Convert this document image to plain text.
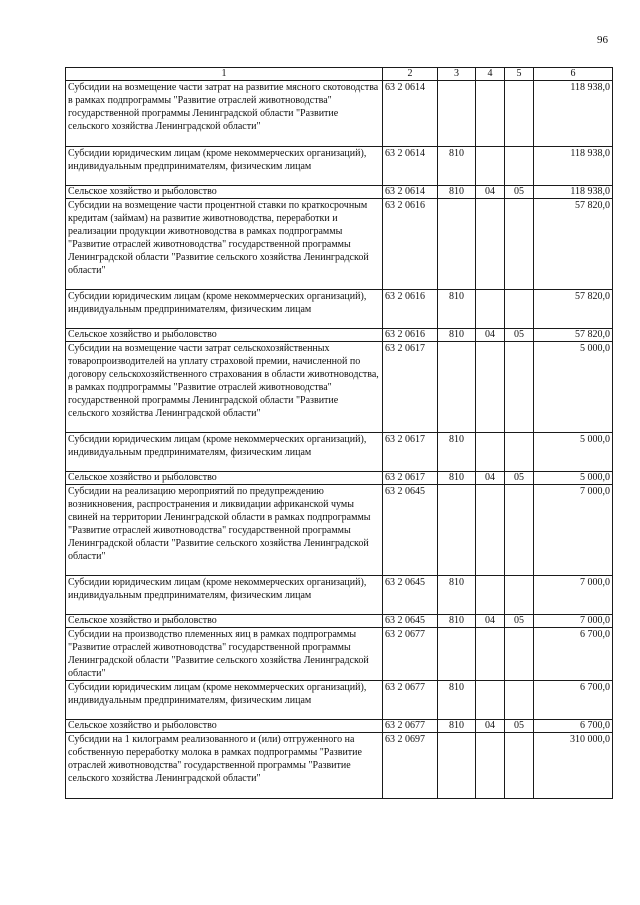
96
1	2	3	4	5	6
Субсидии на возмещение части затрат на развитие мясного скотоводства в рамках подпрограммы "Развитие отраслей животноводства" государственной программы Ленинградской области "Развитие сельского хозяйства Ленинградской области"	63 2 0614				118 938,0
Субсидии юридическим лицам (кроме некоммерческих организаций), индивидуальным предпринимателям, физическим лицам	63 2 0614	810			118 938,0
Сельское хозяйство и рыболовство	63 2 0614	810	04	05	118 938,0
Субсидии на возмещение части процентной ставки по краткосрочным кредитам (займам) на развитие животноводства, переработки и реализации продукции животноводства в рамках подпрограммы "Развитие отраслей животноводства" государственной программы Ленинградской области "Развитие сельского хозяйства Ленинградской области"	63 2 0616				57 820,0
Субсидии юридическим лицам (кроме некоммерческих организаций), индивидуальным предпринимателям, физическим лицам	63 2 0616	810			57 820,0
Сельское хозяйство и рыболовство	63 2 0616	810	04	05	57 820,0
Субсидии на возмещение части затрат сельскохозяйственных товаропроизводителей на уплату страховой премии, начисленной по договору сельскохозяйственного страхования в области животноводства, в рамках подпрограммы "Развитие отраслей животноводства" государственной программы Ленинградской области "Развитие сельского хозяйства Ленинградской области"	63 2 0617				5 000,0
Субсидии юридическим лицам (кроме некоммерческих организаций), индивидуальным предпринимателям, физическим лицам	63 2 0617	810			5 000,0
Сельское хозяйство и рыболовство	63 2 0617	810	04	05	5 000,0
Субсидии на реализацию мероприятий по предупреждению возникновения, распространения и ликвидации африканской чумы свиней на территории Ленинградской области в рамках подпрограммы "Развитие отраслей животноводства" государственной программы Ленинградской области "Развитие сельского хозяйства Ленинградской области"	63 2 0645				7 000,0
Субсидии юридическим лицам (кроме некоммерческих организаций), индивидуальным предпринимателям, физическим лицам	63 2 0645	810			7 000,0
Сельское хозяйство и рыболовство	63 2 0645	810	04	05	7 000,0
Субсидии на производство племенных яиц в рамках подпрограммы "Развитие отраслей животноводства" государственной программы Ленинградской области "Развитие сельского хозяйства Ленинградской области"	63 2 0677				6 700,0
Субсидии юридическим лицам (кроме некоммерческих организаций), индивидуальным предпринимателям, физическим лицам	63 2 0677	810			6 700,0
Сельское хозяйство и рыболовство	63 2 0677	810	04	05	6 700,0
Субсидии на 1 килограмм реализованного и (или) отгруженного на собственную переработку молока в рамках подпрограммы "Развитие отраслей животноводства" государственной программы "Развитие сельского хозяйства Ленинградской области"	63 2 0697				310 000,0
